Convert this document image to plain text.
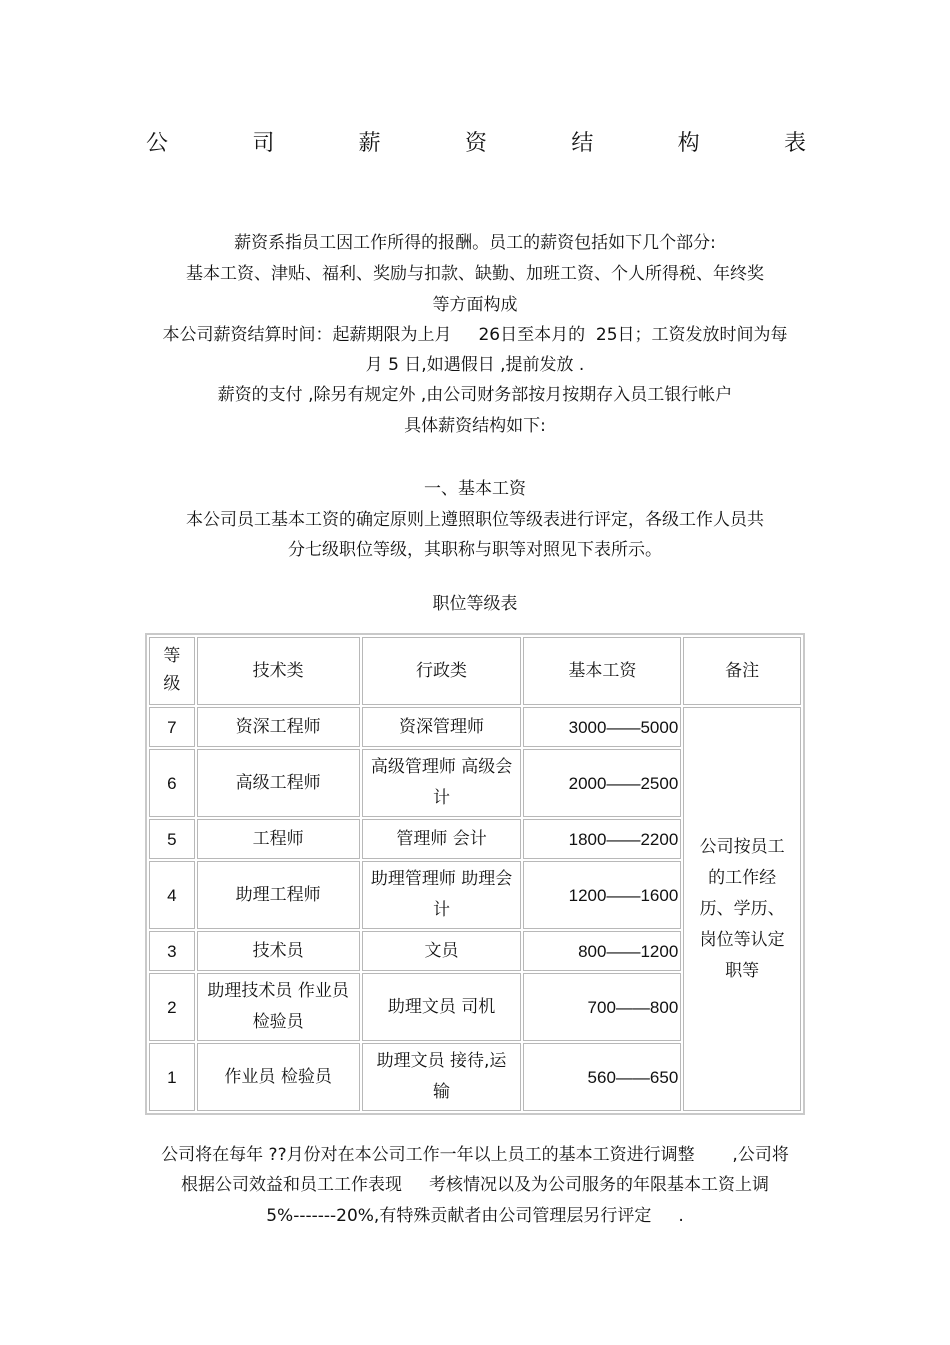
公	司	薪	资	结	构	表
薪资系指员工因工作所得的报酬。员工的薪资包括如下几个部分:
基本工资、津贴、福利、奖励与扣款、缺勤、加班工资、个人所得税、年终奖
等方面构成
本公司薪资结算时间：起薪期限为上月     26日至本月的  25日；工资发放时间为每
月 5 日,如遇假日 ,提前发放 .
薪资的支付 ,除另有规定外 ,由公司财务部按月按期存入员工银行帐户
具体薪资结构如下:
一、基本工资
本公司员工基本工资的确定原则上遵照职位等级表进行评定，各级工作人员共
分七级职位等级，其职称与职等对照见下表所示。
职位等级表
等级	技术类	行政类	基本工资	备注
7	资深工程师	资深管理师	3000——5000	公司按员工的工作经历、学历、岗位等认定职等
6	高级工程师	高级管理师 高级会计	2000——2500	
5	工程师	管理师 会计	1800——2200	
4	助理工程师	助理管理师 助理会计	1200——1600	
3	技术员	文员	800——1200	
2	助理技术员 作业员 检验员	助理文员 司机	700——800	
1	作业员 检验员	助理文员 接待,运输	560——650	
公司将在每年 ??月份对在本公司工作一年以上员工的基本工资进行调整       ,公司将
根据公司效益和员工工作表现     考核情况以及为公司服务的年限基本工资上调
5%-------20%,有特殊贡献者由公司管理层另行评定     .
